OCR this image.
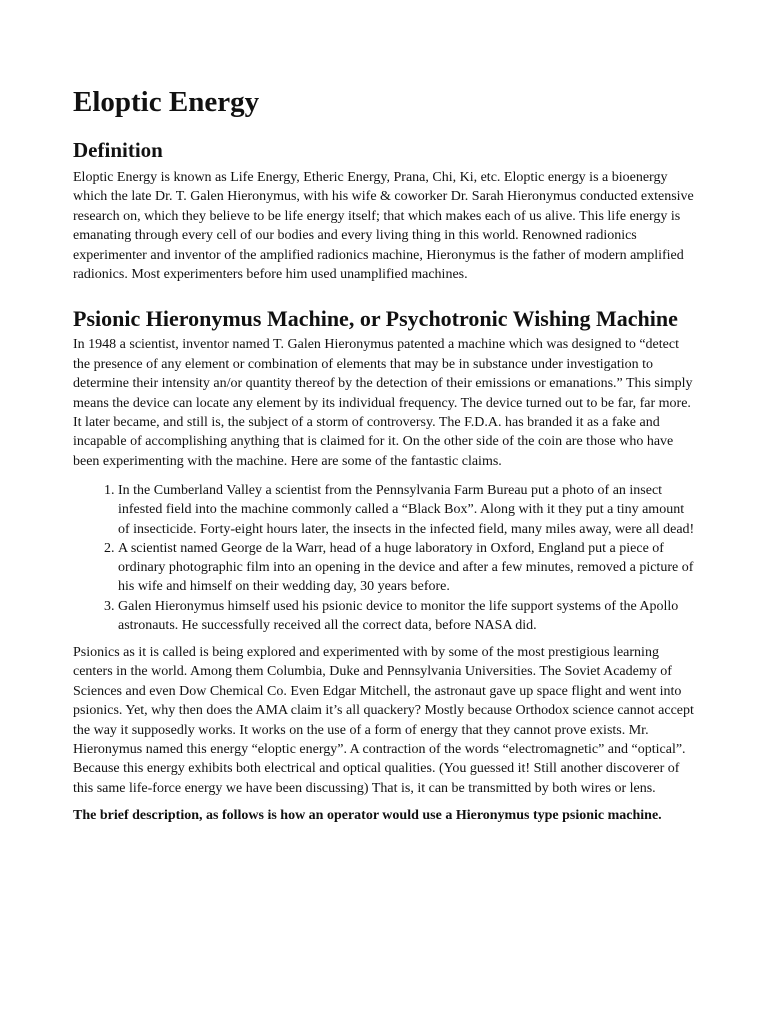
Eloptic Energy
Definition

Eloptic Energy is known as Life Energy, Etheric Energy, Prana, Chi, Ki, etc. Eloptic energy is a bioenergy which the late Dr. T. Galen Hieronymus, with his wife & coworker Dr. Sarah Hieronymus conducted extensive research on, which they believe to be life energy itself; that which makes each of us alive. This life energy is emanating through every cell of our bodies and every living thing in this world. Renowned radionics experimenter and inventor of the amplified radionics machine, Hieronymus is the father of modern amplified radionics. Most experimenters before him used unamplified machines.

Psionic Hieronymus Machine, or Psychotronic Wishing Machine

In 1948 a scientist, inventor named T. Galen Hieronymus patented a machine which was designed to “detect the presence of any element or combination of elements that may be in substance under investigation to determine their intensity an/or quantity thereof by the detection of their emissions or emanations.” This simply means the device can locate any element by its individual frequency. The device turned out to be far, far more. It later became, and still is, the subject of a storm of controversy. The F.D.A. has branded it as a fake and incapable of accomplishing anything that is claimed for it. On the other side of the coin are those who have been experimenting with the machine. Here are some of the fantastic claims.

1. In the Cumberland Valley a scientist from the Pennsylvania Farm Bureau put a photo of an insect infested field into the machine commonly called a “Black Box”. Along with it they put a tiny amount of insecticide. Forty-eight hours later, the insects in the infected field, many miles away, were all dead!
2. A scientist named George de la Warr, head of a huge laboratory in Oxford, England put a piece of ordinary photographic film into an opening in the device and after a few minutes, removed a picture of his wife and himself on their wedding day, 30 years before.
3. Galen Hieronymus himself used his psionic device to monitor the life support systems of the Apollo astronauts. He successfully received all the correct data, before NASA did.

Psionics as it is called is being explored and experimented with by some of the most prestigious learning centers in the world. Among them Columbia, Duke and Pennsylvania Universities. The Soviet Academy of Sciences and even Dow Chemical Co. Even Edgar Mitchell, the astronaut gave up space flight and went into psionics. Yet, why then does the AMA claim it’s all quackery? Mostly because Orthodox science cannot accept the way it supposedly works. It works on the use of a form of energy that they cannot prove exists. Mr. Hieronymus named this energy “eloptic energy”. A contraction of the words “electromagnetic” and “optical”. Because this energy exhibits both electrical and optical qualities. (You guessed it! Still another discoverer of this same life-force energy we have been discussing) That is, it can be transmitted by both wires or lens.

The brief description, as follows is how an operator would use a Hieronymus type psionic machine.
